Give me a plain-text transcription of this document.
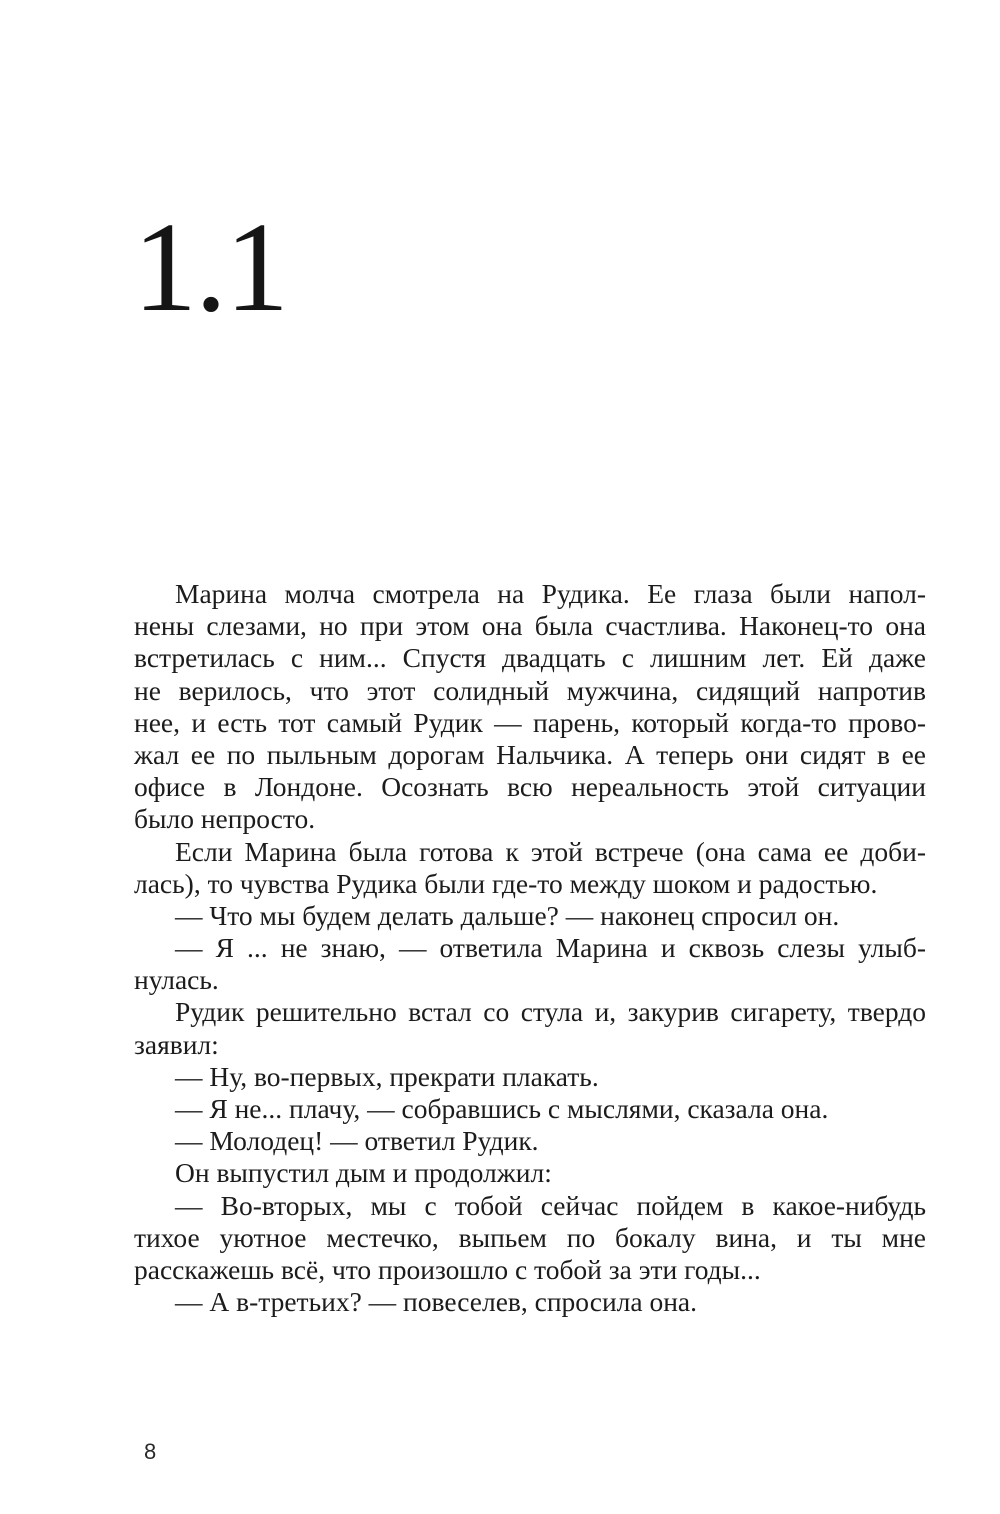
1.1
Марина молча смотрела на Рудика. Ее глаза были напол-
нены слезами, но при этом она была счастлива. Наконец-то она
встретилась с ним... Спустя двадцать с лишним лет. Ей даже
не верилось, что этот солидный мужчина, сидящий напротив
нее, и есть тот самый Рудик — парень, который когда-то прово-
жал ее по пыльным дорогам Нальчика. А теперь они сидят в ее
офисе в Лондоне. Осознать всю нереальность этой ситуации
было непросто.
Если Марина была готова к этой встрече (она сама ее доби-
лась), то чувства Рудика были где-то между шоком и радостью.
— Что мы будем делать дальше? — наконец спросил он.
— Я ... не знаю, — ответила Марина и сквозь слезы улыб-
нулась.
Рудик решительно встал со стула и, закурив сигарету, твердо
заявил:
— Ну, во-первых, прекрати плакать.
— Я не... плачу, — собравшись с мыслями, сказала она.
— Молодец! — ответил Рудик.
Он выпустил дым и продолжил:
— Во-вторых, мы с тобой сейчас пойдем в какое-нибудь
тихое уютное местечко, выпьем по бокалу вина, и ты мне
расскажешь всё, что произошло с тобой за эти годы...
— А в-третьих? — повеселев, спросила она.
8
